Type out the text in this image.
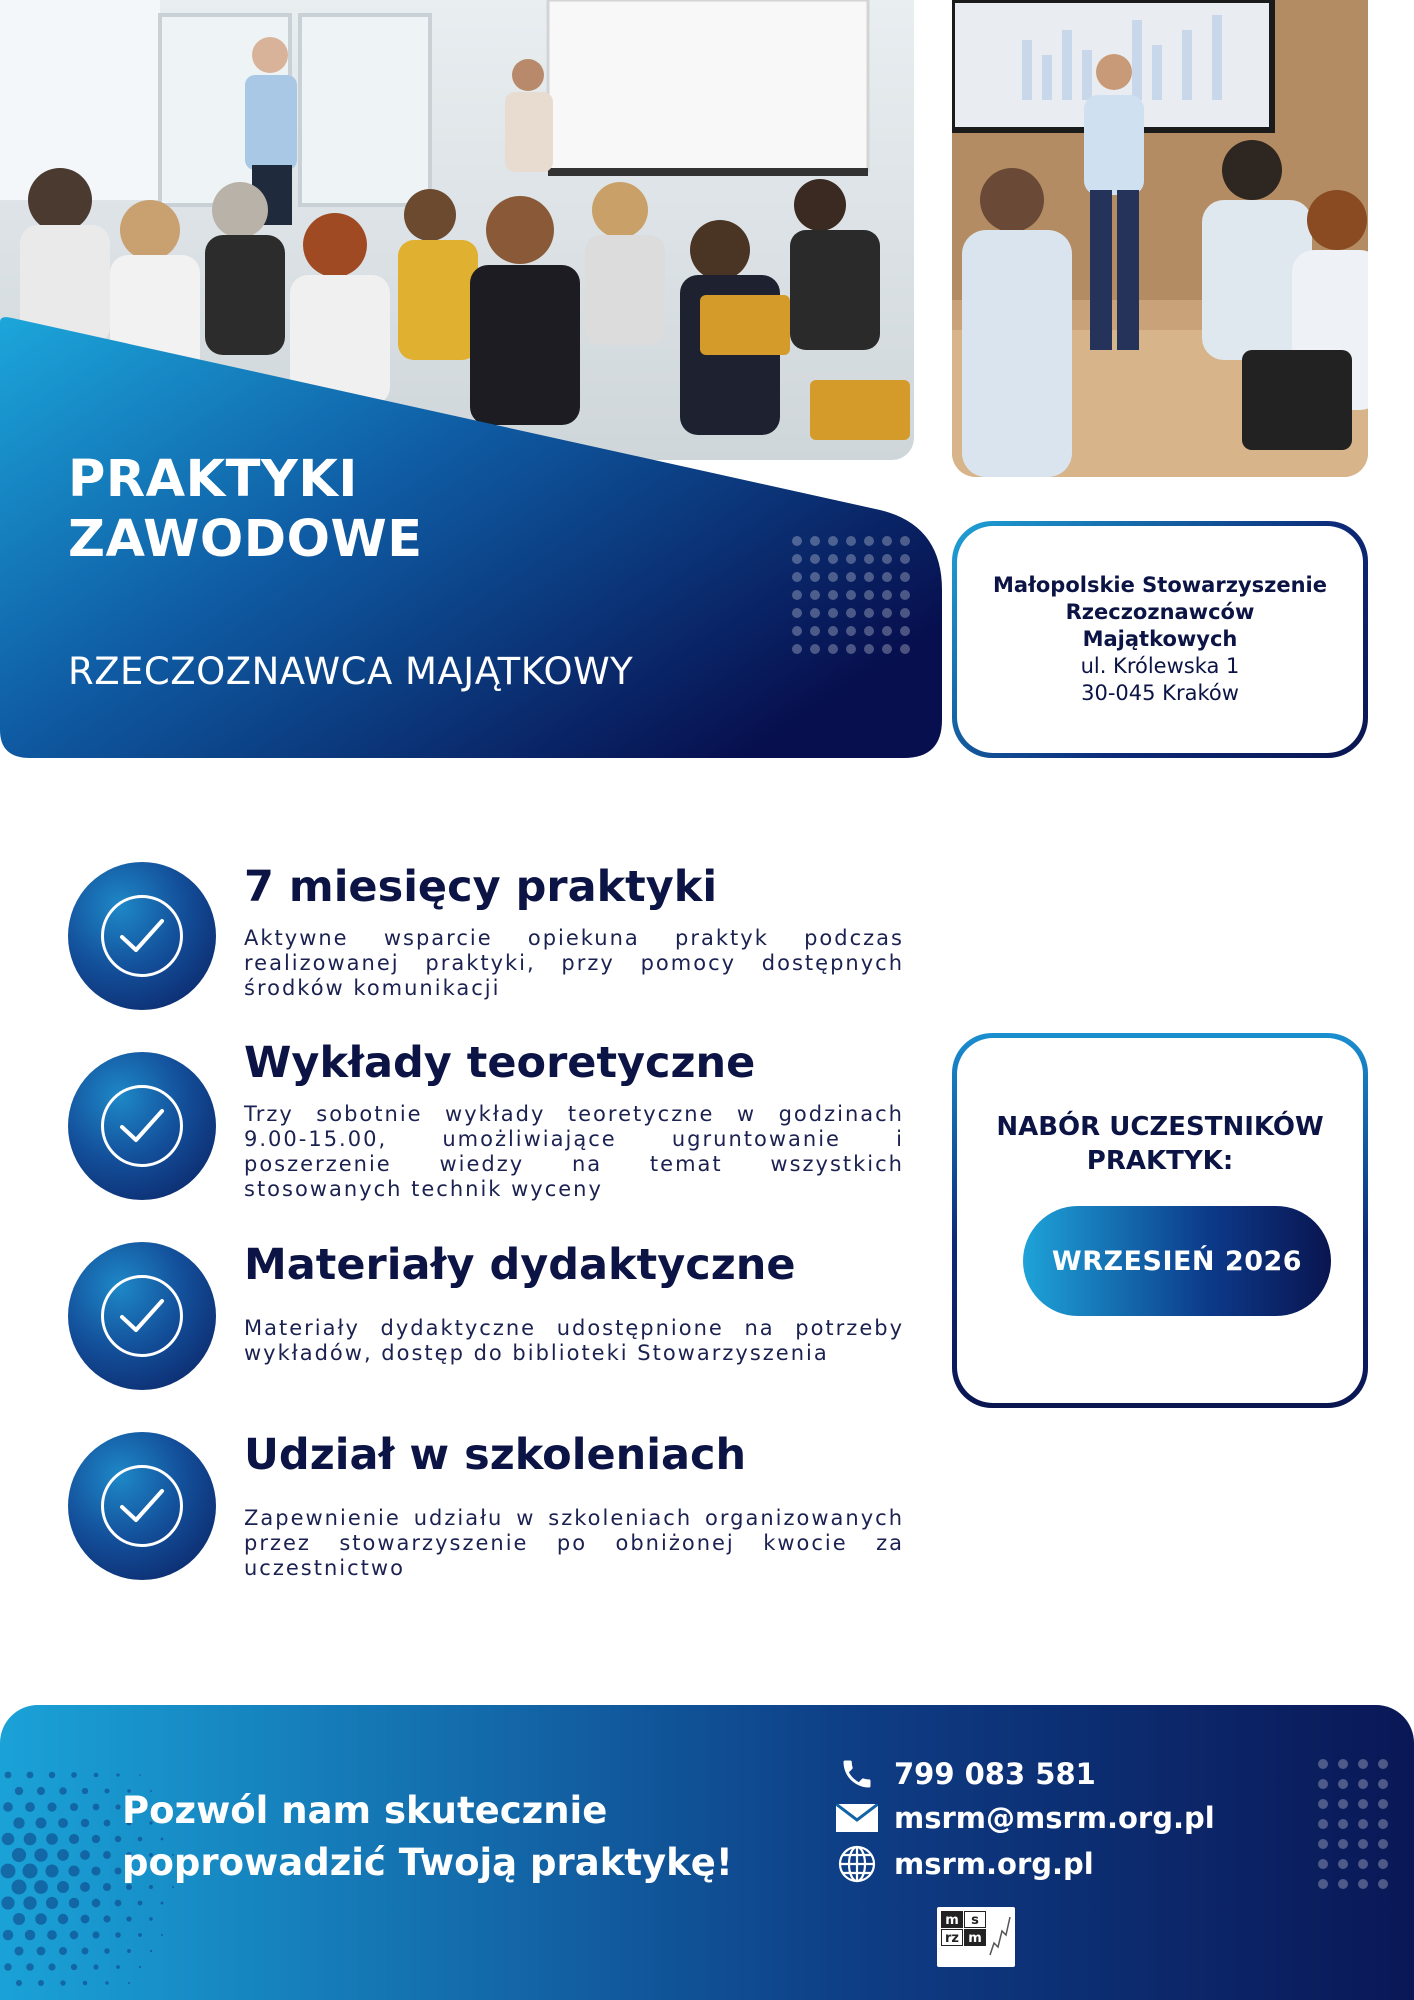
PRAKTYKI
ZAWODOWE
RZECZOZNAWCA MAJĄTKOWY
Małopolskie Stowarzyszenie
Rzeczoznawców
Majątkowych
ul. Królewska 1
30-045 Kraków
7 miesięcy praktyki
Aktywne wsparcie opiekuna praktyk podczas realizowanej praktyki, przy pomocy dostępnych środków komunikacji
Wykłady teoretyczne
Trzy sobotnie wykłady teoretyczne w godzinach 9.00-15.00, umożliwiające ugruntowanie i poszerzenie wiedzy na temat wszystkich stosowanych technik wyceny
Materiały dydaktyczne
Materiały dydaktyczne udostępnione na potrzeby wykładów, dostęp do biblioteki Stowarzyszenia
Udział w szkoleniach
Zapewnienie udziału w szkoleniach organizowanych przez stowarzyszenie po obniżonej kwocie za uczestnictwo
NABÓR UCZESTNIKÓW
PRAKTYK:
WRZESIEŃ 2026
Pozwól nam skutecznie
poprowadzić Twoją praktykę!
799 083 581
msrm@msrm.org.pl
msrm.org.pl
m s
rz m
